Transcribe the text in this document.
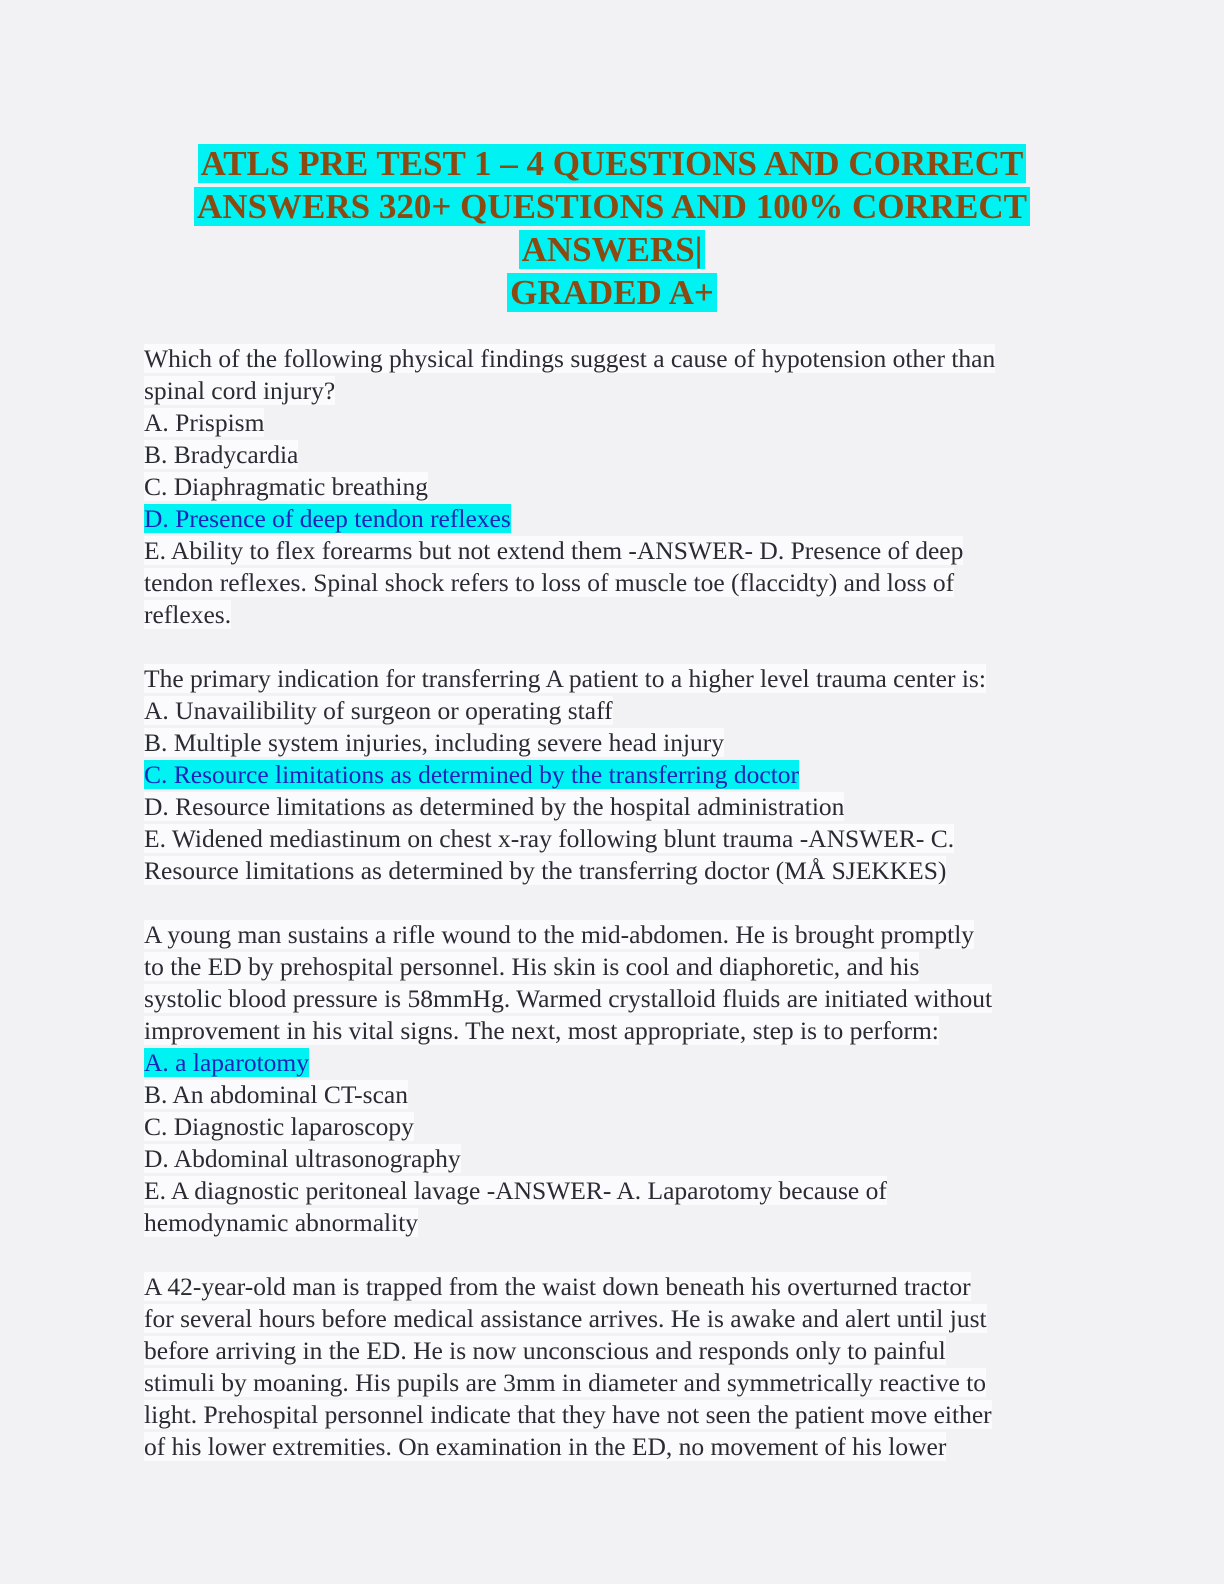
ATLS PRE TEST 1 – 4 QUESTIONS AND CORRECT
ANSWERS 320+ QUESTIONS AND 100% CORRECT
ANSWERS|
GRADED A+
Which of the following physical findings suggest a cause of hypotension other than
spinal cord injury?
A. Prispism
B. Bradycardia
C. Diaphragmatic breathing
D. Presence of deep tendon reflexes
E. Ability to flex forearms but not extend them -ANSWER- D. Presence of deep
tendon reflexes. Spinal shock refers to loss of muscle toe (flaccidty) and loss of
reflexes.
The primary indication for transferring A patient to a higher level trauma center is:
A. Unavailibility of surgeon or operating staff
B. Multiple system injuries, including severe head injury
C. Resource limitations as determined by the transferring doctor
D. Resource limitations as determined by the hospital administration
E. Widened mediastinum on chest x-ray following blunt trauma -ANSWER- C.
Resource limitations as determined by the transferring doctor (MÅ SJEKKES)
A young man sustains a rifle wound to the mid-abdomen. He is brought promptly
to the ED by prehospital personnel. His skin is cool and diaphoretic, and his
systolic blood pressure is 58mmHg. Warmed crystalloid fluids are initiated without
improvement in his vital signs. The next, most appropriate, step is to perform:
A. a laparotomy
B. An abdominal CT-scan
C. Diagnostic laparoscopy
D. Abdominal ultrasonography
E. A diagnostic peritoneal lavage -ANSWER- A. Laparotomy because of
hemodynamic abnormality
A 42-year-old man is trapped from the waist down beneath his overturned tractor
for several hours before medical assistance arrives. He is awake and alert until just
before arriving in the ED. He is now unconscious and responds only to painful
stimuli by moaning. His pupils are 3mm in diameter and symmetrically reactive to
light. Prehospital personnel indicate that they have not seen the patient move either
of his lower extremities. On examination in the ED, no movement of his lower
